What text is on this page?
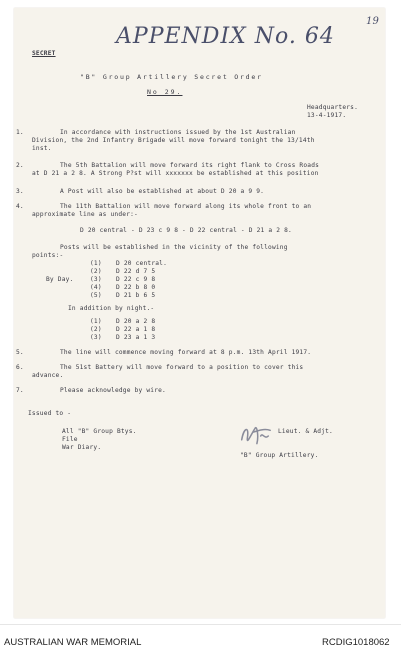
19
APPENDIX No. 64
SECRET
"B" Group Artillery Secret Order
No 29.
Headquarters.
13-4-1917.
1.	In accordance with instructions issued by the 1st Australian
Division, the 2nd Infantry Brigade will move forward tonight the 13/14th
inst.
2.	The 5th Battalion will move forward its right flank to Cross Roads
at D 21 a 2 8. A Strong P?st will xxxxxxx be established at this position
3.	A Post will also be established at about D 20 a 9 9.
4.	The 11th Battalion will move forward along its whole front to an
approximate line as under:-
D 20 central - D 23 c 9 8 - D 22 central - D 21 a 2 8.
Posts will be established in the vicinity of the following
points:-
By Day.
(1) D 20 central.
(2) D 22 d 7 5
(3) D 22 c 9 8
(4) D 22 b 8 0
(5) D 21 b 6 5
In addition by night.-
(1) D 20 a 2 8
(2) D 22 a 1 8
(3) D 23 a 1 3
5.	The line will commence moving forward at 8 p.m. 13th April 1917.
6.	The 51st Battery will move forward to a position to cover this
advance.
7.	Please acknowledge by wire.
Issued to -
All "B" Group Btys.
File
War Diary.
Lieut. & Adjt.
"B" Group Artillery.
AUSTRALIAN WAR MEMORIAL	RCDIG1018062
